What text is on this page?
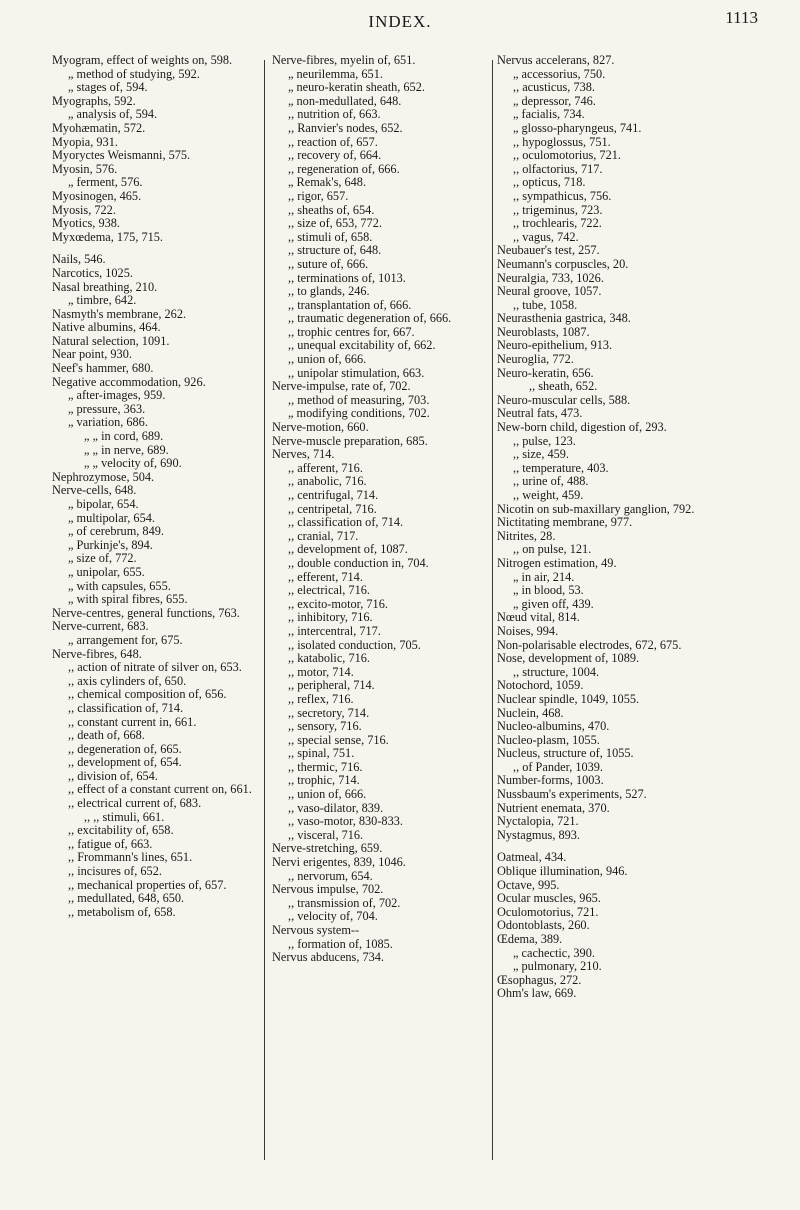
INDEX.	1113
Myogram, effect of weights on, 598.
„ method of studying, 592.
„ stages of, 594.
Myographs, 592.
„ analysis of, 594.
Myohæmatin, 572.
Myopia, 931.
Myoryctes Weismanni, 575.
Myosin, 576.
„ ferment, 576.
Myosinogen, 465.
Myosis, 722.
Myotics, 938.
Myxœdema, 175, 715.
Nails, 546.
Narcotics, 1025.
Nasal breathing, 210.
„ timbre, 642.
Nasmyth's membrane, 262.
Native albumins, 464.
Natural selection, 1091.
Near point, 930.
Neef's hammer, 680.
Negative accommodation, 926.
„ after-images, 959.
„ pressure, 363.
„ variation, 686.
„ „ in cord, 689.
„ „ in nerve, 689.
„ „ velocity of, 690.
Nephrozymose, 504.
Nerve-cells, 648.
„ bipolar, 654.
„ multipolar, 654.
„ of cerebrum, 849.
„ Purkinje's, 894.
„ size of, 772.
„ unipolar, 655.
„ with capsules, 655.
„ with spiral fibres, 655.
Nerve-centres, general functions, 763.
Nerve-current, 683.
„ arrangement for, 675.
Nerve-fibres, 648.
,, action of nitrate of silver on, 653.
,, axis cylinders of, 650.
,, chemical composition of, 656.
,, classification of, 714.
,, constant current in, 661.
,, death of, 668.
,, degeneration of, 665.
,, development of, 654.
,, division of, 654.
,, effect of a constant current on, 661.
,, electrical current of, 683.
,, ,, stimuli, 661.
,, excitability of, 658.
,, fatigue of, 663.
,, Frommann's lines, 651.
,, incisures of, 652.
,, mechanical properties of, 657.
,, medullated, 648, 650.
,, metabolism of, 658.
Nerve-fibres, myelin of, 651.
„ neurilemma, 651.
„ neuro-keratin sheath, 652.
„ non-medullated, 648.
,, nutrition of, 663.
,, Ranvier's nodes, 652.
,, reaction of, 657.
,, recovery of, 664.
,, regeneration of, 666.
„ Remak's, 648.
,, rigor, 657.
,, sheaths of, 654.
,, size of, 653, 772.
,, stimuli of, 658.
,, structure of, 648.
,, suture of, 666.
,, terminations of, 1013.
,, to glands, 246.
,, transplantation of, 666.
,, traumatic degeneration of, 666.
,, trophic centres for, 667.
,, unequal excitability of, 662.
,, union of, 666.
,, unipolar stimulation, 663.
Nerve-impulse, rate of, 702.
,, method of measuring, 703.
„ modifying conditions, 702.
Nerve-motion, 660.
Nerve-muscle preparation, 685.
Nerves, 714.
,, afferent, 716.
,, anabolic, 716.
,, centrifugal, 714.
,, centripetal, 716.
,, classification of, 714.
,, cranial, 717.
,, development of, 1087.
,, double conduction in, 704.
,, efferent, 714.
,, electrical, 716.
,, excito-motor, 716.
,, inhibitory, 716.
,, intercentral, 717.
,, isolated conduction, 705.
,, katabolic, 716.
,, motor, 714.
,, peripheral, 714.
,, reflex, 716.
,, secretory, 714.
,, sensory, 716.
,, special sense, 716.
,, spinal, 751.
,, thermic, 716.
,, trophic, 714.
,, union of, 666.
,, vaso-dilator, 839.
,, vaso-motor, 830-833.
,, visceral, 716.
Nerve-stretching, 659.
Nervi erigentes, 839, 1046.
,, nervorum, 654.
Nervous impulse, 702.
,, transmission of, 702.
,, velocity of, 704.
Nervous system--
,, formation of, 1085.
Nervus abducens, 734.
Nervus accelerans, 827.
„ accessorius, 750.
,, acusticus, 738.
„ depressor, 746.
„ facialis, 734.
„ glosso-pharyngeus, 741.
,, hypoglossus, 751.
,, oculomotorius, 721.
,, olfactorius, 717.
,, opticus, 718.
,, sympathicus, 756.
,, trigeminus, 723.
,, trochlearis, 722.
,, vagus, 742.
Neubauer's test, 257.
Neumann's corpuscles, 20.
Neuralgia, 733, 1026.
Neural groove, 1057.
,, tube, 1058.
Neurasthenia gastrica, 348.
Neuroblasts, 1087.
Neuro-epithelium, 913.
Neuroglia, 772.
Neuro-keratin, 656.
,, sheath, 652.
Neuro-muscular cells, 588.
Neutral fats, 473.
New-born child, digestion of, 293.
,, pulse, 123.
,, size, 459.
,, temperature, 403.
,, urine of, 488.
,, weight, 459.
Nicotin on sub-maxillary ganglion, 792.
Nictitating membrane, 977.
Nitrites, 28.
,, on pulse, 121.
Nitrogen estimation, 49.
„ in air, 214.
„ in blood, 53.
„ given off, 439.
Nœud vital, 814.
Noises, 994.
Non-polarisable electrodes, 672, 675.
Nose, development of, 1089.
,, structure, 1004.
Notochord, 1059.
Nuclear spindle, 1049, 1055.
Nuclein, 468.
Nucleo-albumins, 470.
Nucleo-plasm, 1055.
Nucleus, structure of, 1055.
,, of Pander, 1039.
Number-forms, 1003.
Nussbaum's experiments, 527.
Nutrient enemata, 370.
Nyctalopia, 721.
Nystagmus, 893.
Oatmeal, 434.
Oblique illumination, 946.
Octave, 995.
Ocular muscles, 965.
Oculomotorius, 721.
Odontoblasts, 260.
Œdema, 389.
„ cachectic, 390.
„ pulmonary, 210.
Œsophagus, 272.
Ohm's law, 669.
